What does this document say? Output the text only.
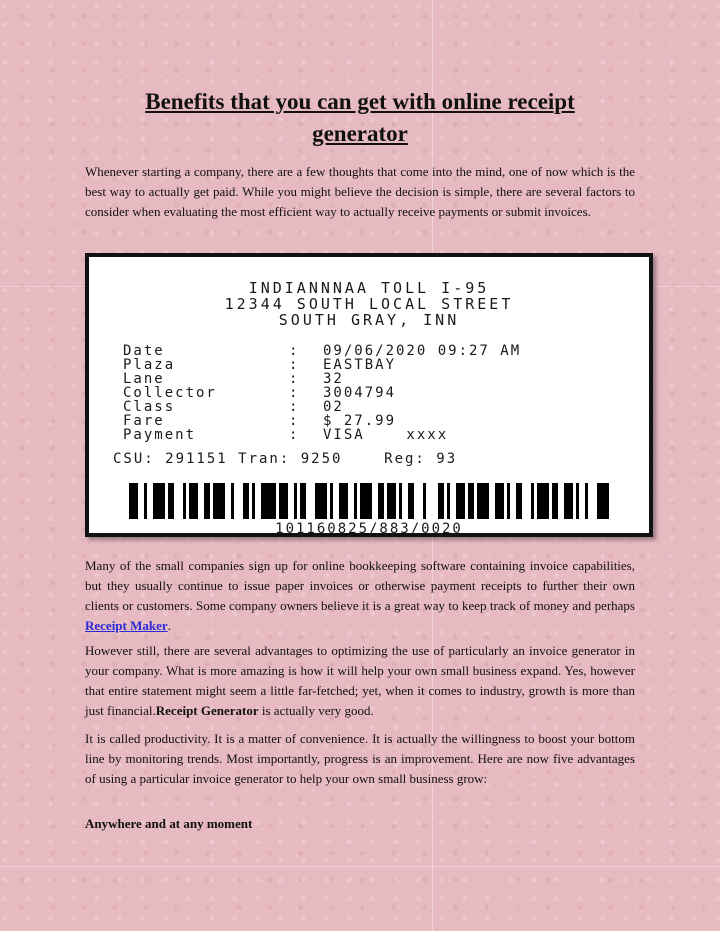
Benefits that you can get with online receipt generator

Whenever starting a company, there are a few thoughts that come into the mind, one of now which is the best way to actually get paid. While you might believe the decision is simple, there are several factors to consider when evaluating the most efficient way to actually receive payments or submit invoices.

INDIANNNAA TOLL I-95
12344 SOUTH LOCAL STREET
SOUTH GRAY, INN
Date	: 09/06/2020 09:27 AM
Plaza	: EASTBAY
Lane	: 32
Collector	: 3004794
Class	: 02
Fare	: $ 27.99
Payment	: VISA    xxxx
CSU: 291151 Tran: 9250    Reg: 93
101160825/883/0020

Many of the small companies sign up for online bookkeeping software containing invoice capabilities, but they usually continue to issue paper invoices or otherwise payment receipts to further their own clients or customers. Some company owners believe it is a great way to keep track of money and perhaps Receipt Maker.

However still, there are several advantages to optimizing the use of particularly an invoice generator in your company. What is more amazing is how it will help your own small business expand. Yes, however that entire statement might seem a little far-fetched; yet, when it comes to industry, growth is more than just financial.Receipt Generator is actually very good.

It is called productivity. It is a matter of convenience. It is actually the willingness to boost your bottom line by monitoring trends. Most importantly, progress is an improvement. Here are now five advantages of using a particular invoice generator to help your own small business grow:

Anywhere and at any moment
